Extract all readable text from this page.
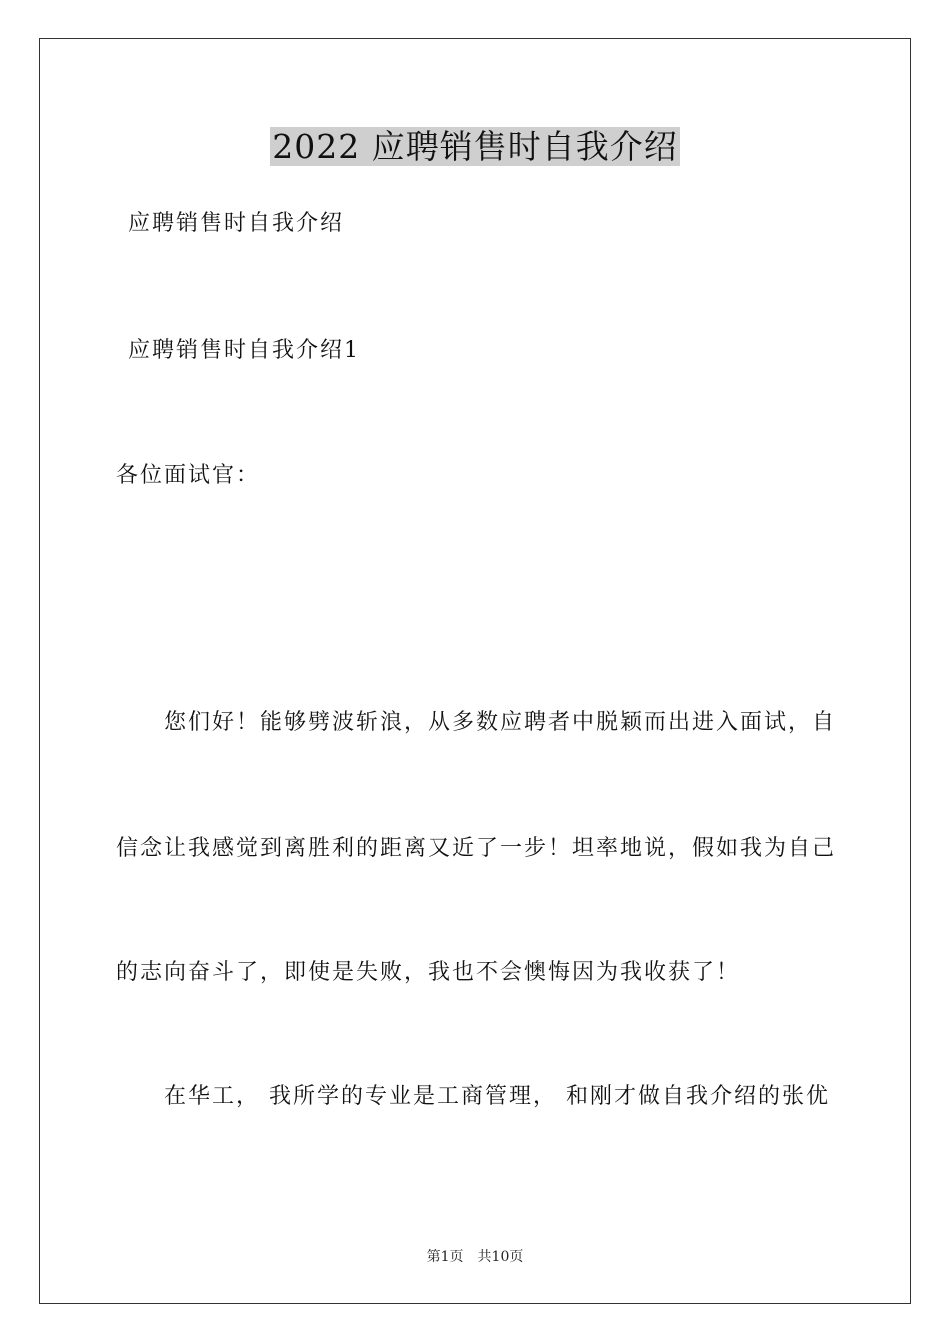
2022 应聘销售时自我介绍
应聘销售时自我介绍
应聘销售时自我介绍1
各位面试官：
您们好！能够劈波斩浪，从多数应聘者中脱颖而出进入面试，自
信念让我感觉到离胜利的距离又近了一步！坦率地说，假如我为自己
的志向奋斗了，即使是失败，我也不会懊悔因为我收获了！
在华工， 我所学的专业是工商管理， 和刚才做自我介绍的张优
第1页 共10页
